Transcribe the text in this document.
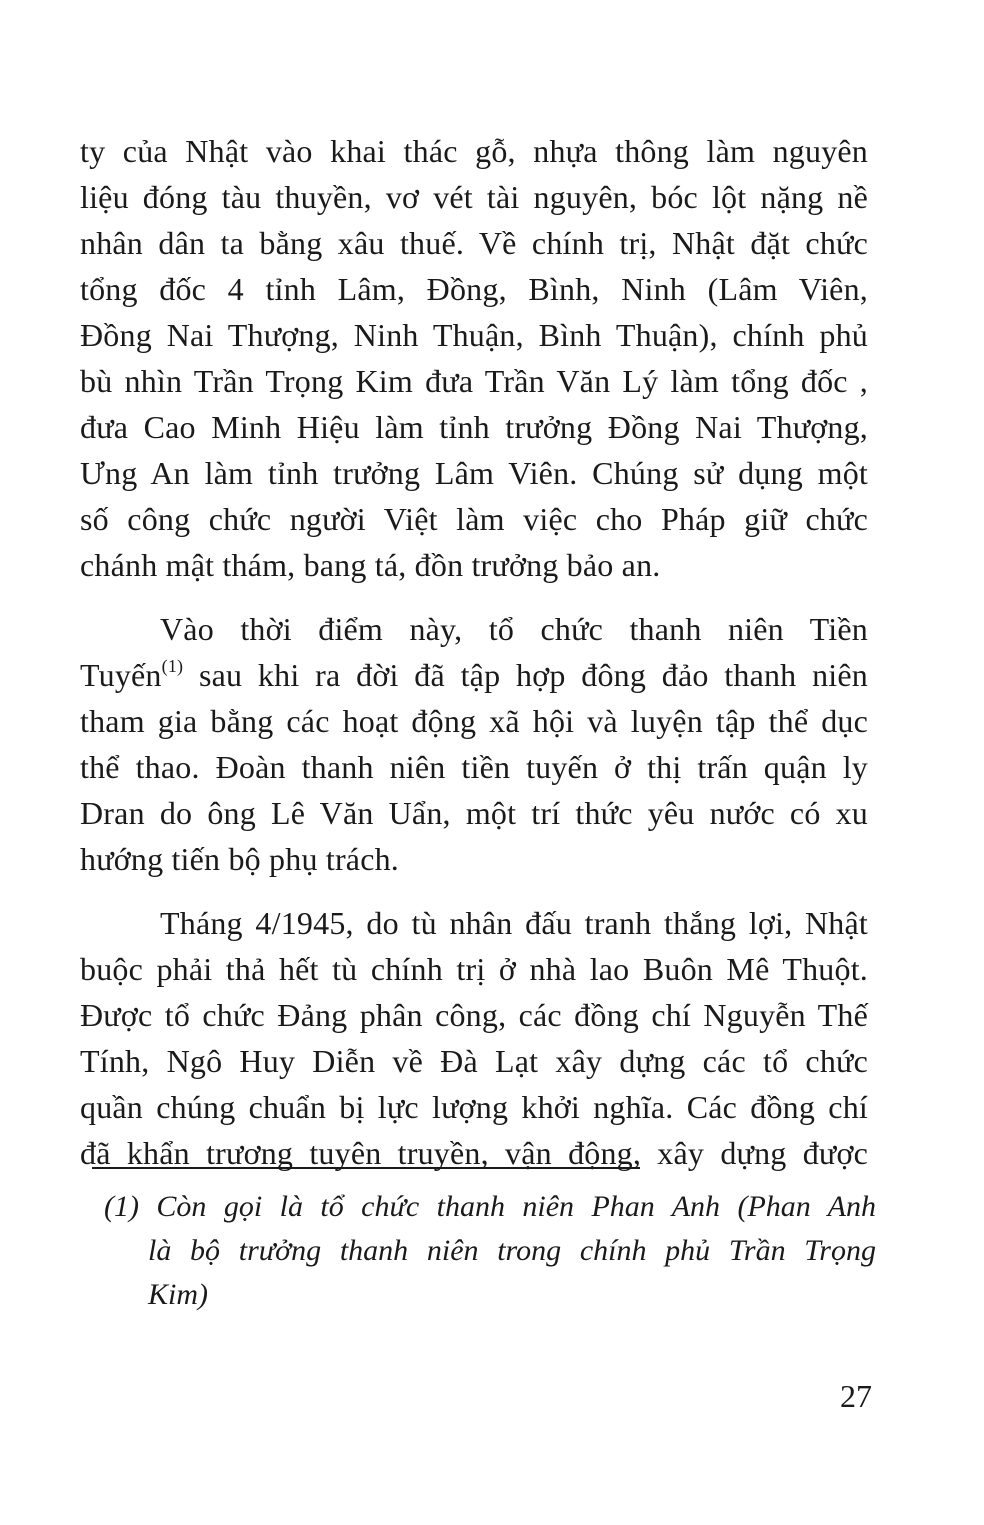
ty của Nhật vào khai thác gỗ, nhựa thông làm nguyên
liệu đóng tàu thuyền, vơ vét tài nguyên, bóc lột nặng nề
nhân dân ta bằng xâu thuế. Về chính trị, Nhật đặt chức
tổng đốc 4 tỉnh Lâm, Đồng, Bình, Ninh (Lâm Viên,
Đồng Nai Thượng, Ninh Thuận, Bình Thuận), chính phủ
bù nhìn Trần Trọng Kim đưa Trần Văn Lý làm tổng đốc ,
đưa Cao Minh Hiệu làm tỉnh trưởng Đồng Nai Thượng,
Ưng An làm tỉnh trưởng Lâm Viên. Chúng sử dụng một
số công chức người Việt làm việc cho Pháp giữ chức
chánh mật thám, bang tá, đồn trưởng bảo an.
Vào thời điểm này, tổ chức thanh niên Tiền
Tuyến$^{(1)}$ sau khi ra đời đã tập hợp đông đảo thanh niên
tham gia bằng các hoạt động xã hội và luyện tập thể dục
thể thao. Đoàn thanh niên tiền tuyến ở thị trấn quận ly
Dran do ông Lê Văn Uẩn, một trí thức yêu nước có xu
hướng tiến bộ phụ trách.
Tháng 4/1945, do tù nhân đấu tranh thắng lợi, Nhật
buộc phải thả hết tù chính trị ở nhà lao Buôn Mê Thuột.
Được tổ chức Đảng phân công, các đồng chí Nguyễn Thế
Tính, Ngô Huy Diễn về Đà Lạt xây dựng các tổ chức
quần chúng chuẩn bị lực lượng khởi nghĩa. Các đồng chí
đã khẩn trương tuyên truyền, vận động, xây dựng được
(1) Còn gọi là tổ chức thanh niên Phan Anh (Phan Anh
là bộ trưởng thanh niên trong chính phủ Trần Trọng
Kim)
27
